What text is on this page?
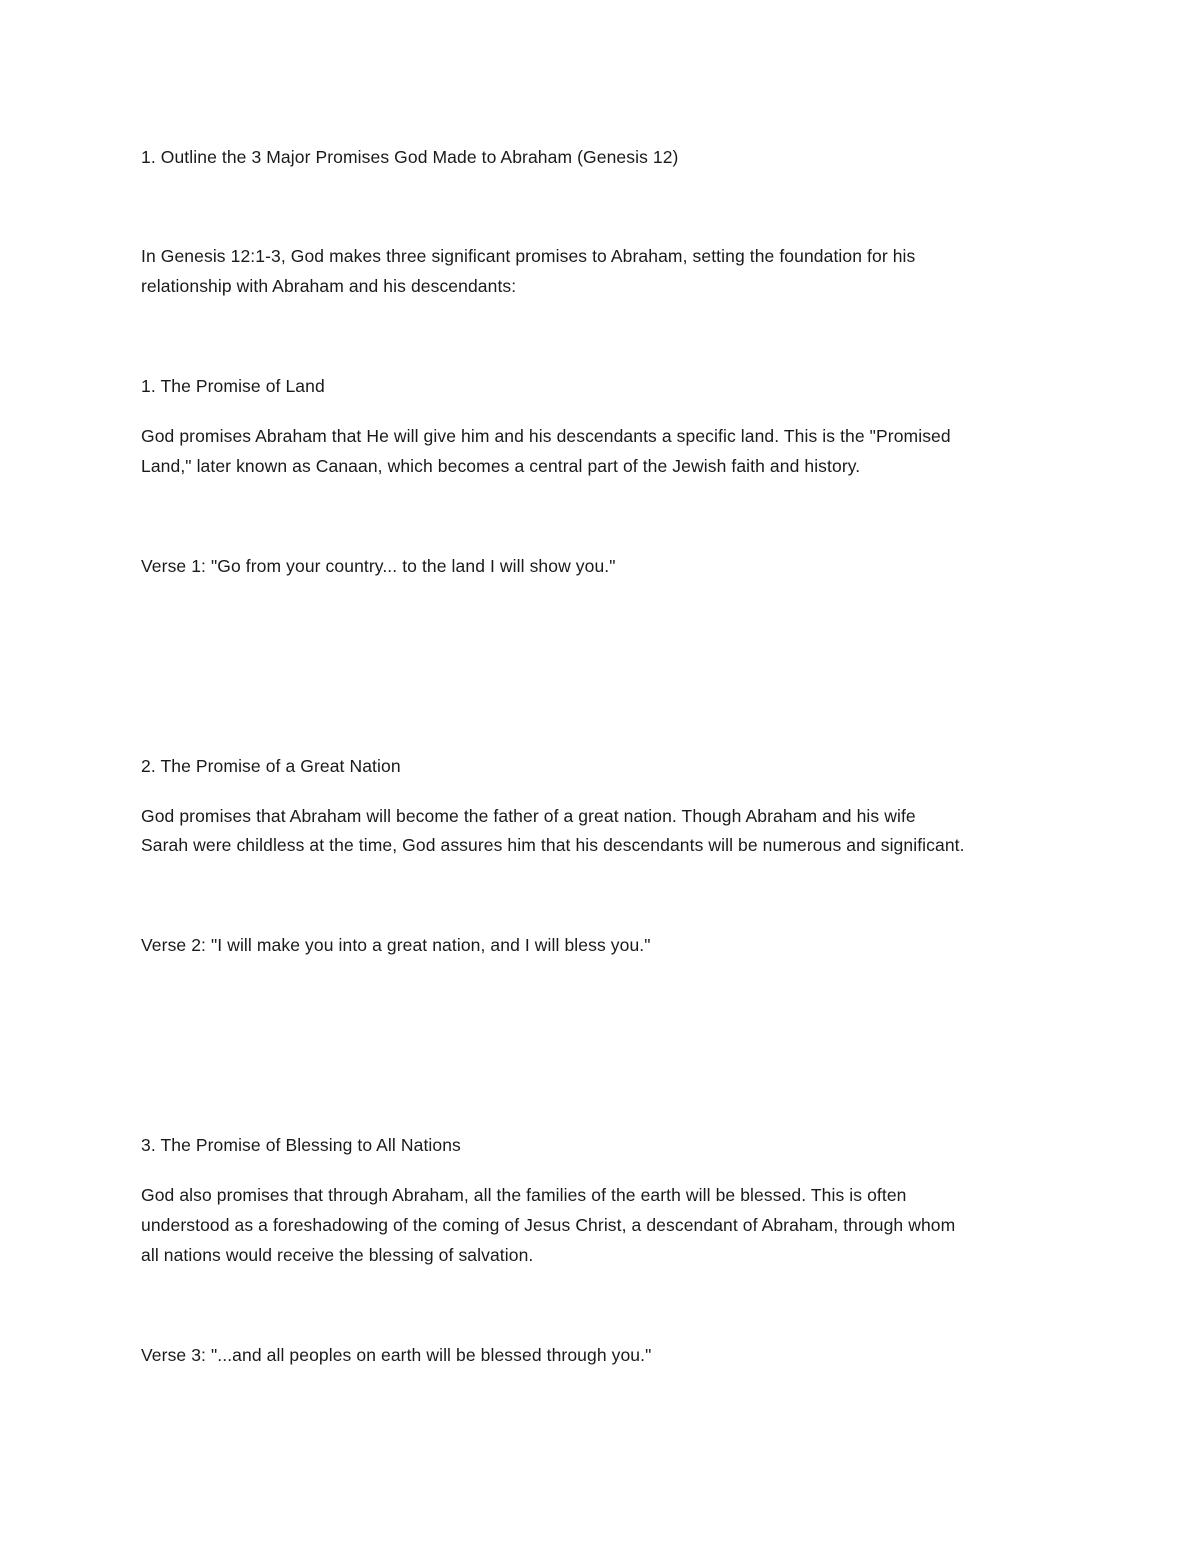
1. Outline the 3 Major Promises God Made to Abraham (Genesis 12)
In Genesis 12:1-3, God makes three significant promises to Abraham, setting the foundation for his
relationship with Abraham and his descendants:
1. The Promise of Land
God promises Abraham that He will give him and his descendants a specific land. This is the "Promised
Land," later known as Canaan, which becomes a central part of the Jewish faith and history.
Verse 1: "Go from your country... to the land I will show you."
2. The Promise of a Great Nation
God promises that Abraham will become the father of a great nation. Though Abraham and his wife
Sarah were childless at the time, God assures him that his descendants will be numerous and significant.
Verse 2: "I will make you into a great nation, and I will bless you."
3. The Promise of Blessing to All Nations
God also promises that through Abraham, all the families of the earth will be blessed. This is often
understood as a foreshadowing of the coming of Jesus Christ, a descendant of Abraham, through whom
all nations would receive the blessing of salvation.
Verse 3: "...and all peoples on earth will be blessed through you."
